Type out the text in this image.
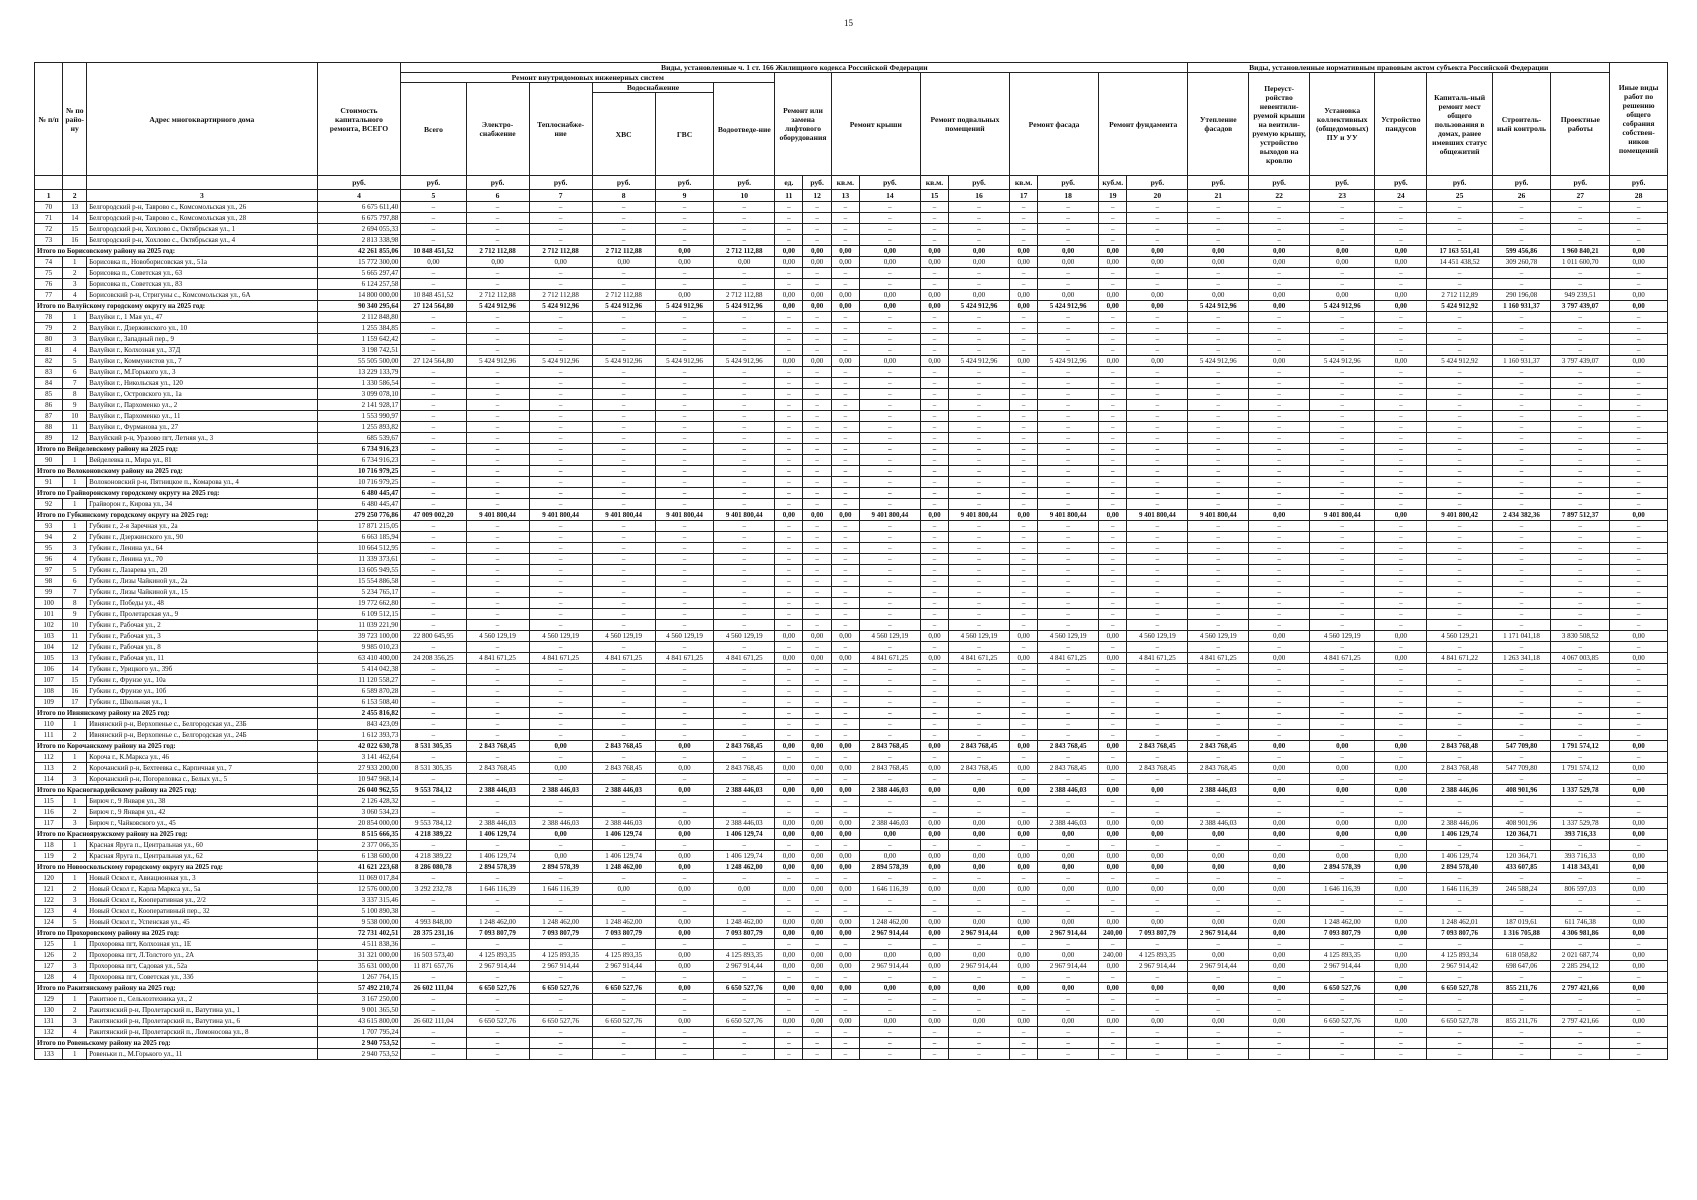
15
№ п/п	№ по райо-ну	Адрес многоквартирного дома	Стоимость капитального ремонта, ВСЕГО	Виды, установленные ч. 1 ст. 166 Жилищного кодекса Российской Федерации																Виды, установленные нормативным правовым актом субъекта Российской Федерации							Иные виды работ по решению общего собрания собствен-ников помещений
				Ремонт внутридомовых инженерных систем						Ремонт или замена лифтового оборудования		Ремонт крыши		Ремонт подвальных помещений		Ремонт фасада		Ремонт фундамента		Утепление фасадов	Переуст-ройство невентили-руемой крыши на вентили-руемую крышу, устройство выходов на кровлю	Установка коллективных (общедомовых) ПУ и УУ	Устройство пандусов	Капиталь-ный ремонт мест общего пользования в домах, ранее имевших статус общежитий	Строитель-ный контроль	Проектные работы	
				Всего	Электро-снабжение	Теплоснабже-ние	Водоснабжение		Водоотведе-ние																		
							ХВС	ГВС																			
			руб.	руб.	руб.	руб.	руб.	руб.	руб.	ед.	руб.	кв.м.	руб.	кв.м.	руб.	кв.м.	руб.	куб.м.	руб.	руб.	руб.	руб.	руб.	руб.	руб.	руб.	руб.
1	2	3	4	5	6	7	8	9	10	11	12	13	14	15	16	17	18	19	20	21	22	23	24	25	26	27	28
70	13	Белгородский р-н, Таврово с., Комсомольская ул., 26	6 675 611,40	–	–	–	–	–	–	–	–	–	–	–	–	–	–	–	–	–	–	–	–	–	–	–	–
71	14	Белгородский р-н, Таврово с., Комсомольская ул., 28	6 675 797,88	–	–	–	–	–	–	–	–	–	–	–	–	–	–	–	–	–	–	–	–	–	–	–	–
72	15	Белгородский р-н, Хохлово с., Октябрьская ул., 1	2 694 055,33	–	–	–	–	–	–	–	–	–	–	–	–	–	–	–	–	–	–	–	–	–	–	–	–
73	16	Белгородский р-н, Хохлово с., Октябрьская ул., 4	2 813 338,98	–	–	–	–	–	–	–	–	–	–	–	–	–	–	–	–	–	–	–	–	–	–	–	–
Итого по Борисовскому району на 2025 год:			42 261 855,06	10 848 451,52	2 712 112,88	2 712 112,88	2 712 112,88	0,00	2 712 112,88	0,00	0,00	0,00	0,00	0,00	0,00	0,00	0,00	0,00	0,00	0,00	0,00	0,00	0,00	17 163 551,41	599 456,86	1 960 840,21	0,00
74	1	Борисовка п., Новоборисовская ул., 51а	15 772 300,00	0,00	0,00	0,00	0,00	0,00	0,00	0,00	0,00	0,00	0,00	0,00	0,00	0,00	0,00	0,00	0,00	0,00	0,00	0,00	0,00	14 451 438,52	309 260,78	1 011 600,70	0,00
75	2	Борисовка п., Советская ул., 63	5 665 297,47	–	–	–	–	–	–	–	–	–	–	–	–	–	–	–	–	–	–	–	–	–	–	–	–
76	3	Борисовка п., Советская ул., 83	6 124 257,58	–	–	–	–	–	–	–	–	–	–	–	–	–	–	–	–	–	–	–	–	–	–	–	–
77	4	Борисовский р-н, Стригуны с., Комсомольская ул., 6А	14 800 000,00	10 848 451,52	2 712 112,88	2 712 112,88	2 712 112,88	0,00	2 712 112,88	0,00	0,00	0,00	0,00	0,00	0,00	0,00	0,00	0,00	0,00	0,00	0,00	0,00	0,00	2 712 112,89	290 196,08	949 239,51	0,00
Итого по Валуйскому городскому округу на 2025 год:			90 340 295,64	27 124 564,80	5 424 912,96	5 424 912,96	5 424 912,96	5 424 912,96	5 424 912,96	0,00	0,00	0,00	0,00	0,00	5 424 912,96	0,00	5 424 912,96	0,00	0,00	5 424 912,96	0,00	5 424 912,96	0,00	5 424 912,92	1 160 931,37	3 797 439,07	0,00
78	1	Валуйки г., 1 Мая ул., 47	2 112 848,80	–	–	–	–	–	–	–	–	–	–	–	–	–	–	–	–	–	–	–	–	–	–	–	–
79	2	Валуйки г., Дзержинского ул., 10	1 255 384,85	–	–	–	–	–	–	–	–	–	–	–	–	–	–	–	–	–	–	–	–	–	–	–	–
80	3	Валуйки г., Западный пер., 9	1 159 642,42	–	–	–	–	–	–	–	–	–	–	–	–	–	–	–	–	–	–	–	–	–	–	–	–
81	4	Валуйки г., Колхозная ул., 37Д	3 198 742,51	–	–	–	–	–	–	–	–	–	–	–	–	–	–	–	–	–	–	–	–	–	–	–	–
82	5	Валуйки г., Коммунистов ул., 7	55 505 500,00	27 124 564,80	5 424 912,96	5 424 912,96	5 424 912,96	5 424 912,96	5 424 912,96	0,00	0,00	0,00	0,00	0,00	5 424 912,96	0,00	5 424 912,96	0,00	0,00	5 424 912,96	0,00	5 424 912,96	0,00	5 424 912,92	1 160 931,37	3 797 439,07	0,00
83	6	Валуйки г., М.Горького ул., 3	13 229 133,79	–	–	–	–	–	–	–	–	–	–	–	–	–	–	–	–	–	–	–	–	–	–	–	–
84	7	Валуйки г., Никольская ул., 120	1 330 586,54	–	–	–	–	–	–	–	–	–	–	–	–	–	–	–	–	–	–	–	–	–	–	–	–
85	8	Валуйки г., Островского ул., 1а	3 099 078,10	–	–	–	–	–	–	–	–	–	–	–	–	–	–	–	–	–	–	–	–	–	–	–	–
86	9	Валуйки г., Пархоменко ул., 2	2 141 928,17	–	–	–	–	–	–	–	–	–	–	–	–	–	–	–	–	–	–	–	–	–	–	–	–
87	10	Валуйки г., Пархоменко ул., 11	1 553 990,97	–	–	–	–	–	–	–	–	–	–	–	–	–	–	–	–	–	–	–	–	–	–	–	–
88	11	Валуйки г., Фурманова ул., 27	1 255 893,82	–	–	–	–	–	–	–	–	–	–	–	–	–	–	–	–	–	–	–	–	–	–	–	–
89	12	Валуйский р-н, Уразово пгт, Летняя ул., 3	685 539,67	–	–	–	–	–	–	–	–	–	–	–	–	–	–	–	–	–	–	–	–	–	–	–	–
Итого по Вейделевскому району на 2025 год:			6 734 916,23	–	–	–	–	–	–	–	–	–	–	–	–	–	–	–	–	–	–	–	–	–	–	–	–
90	1	Вейделевка п., Мира ул., 81	6 734 916,23	–	–	–	–	–	–	–	–	–	–	–	–	–	–	–	–	–	–	–	–	–	–	–	–
Итого по Волоконовскому району на 2025 год:			10 716 979,25	–	–	–	–	–	–	–	–	–	–	–	–	–	–	–	–	–	–	–	–	–	–	–	–
91	1	Волоконовский р-н, Пятницкое п., Комарова ул., 4	10 716 979,25	–	–	–	–	–	–	–	–	–	–	–	–	–	–	–	–	–	–	–	–	–	–	–	–
Итого по Грайворонскому городскому округу на 2025 год:			6 480 445,47	–	–	–	–	–	–	–	–	–	–	–	–	–	–	–	–	–	–	–	–	–	–	–	–
92	1	Грайворон г., Кирова ул., 34	6 480 445,47	–	–	–	–	–	–	–	–	–	–	–	–	–	–	–	–	–	–	–	–	–	–	–	–
Итого по Губкинскому городскому округу на 2025 год:			279 250 776,86	47 009 002,20	9 401 800,44	9 401 800,44	9 401 800,44	9 401 800,44	9 401 800,44	0,00	0,00	0,00	9 401 800,44	0,00	9 401 800,44	0,00	9 401 800,44	0,00	9 401 800,44	9 401 800,44	0,00	9 401 800,44	0,00	9 401 800,42	2 434 382,36	7 897 512,37	0,00
93	1	Губкин г., 2-я Заречная ул., 2а	17 871 215,05	–	–	–	–	–	–	–	–	–	–	–	–	–	–	–	–	–	–	–	–	–	–	–	–
94	2	Губкин г., Дзержинского ул., 90	6 663 185,94	–	–	–	–	–	–	–	–	–	–	–	–	–	–	–	–	–	–	–	–	–	–	–	–
95	3	Губкин г., Ленина ул., 64	10 664 512,95	–	–	–	–	–	–	–	–	–	–	–	–	–	–	–	–	–	–	–	–	–	–	–	–
96	4	Губкин г., Ленина ул., 70	11 339 373,61	–	–	–	–	–	–	–	–	–	–	–	–	–	–	–	–	–	–	–	–	–	–	–	–
97	5	Губкин г., Лазарева ул., 20	13 605 949,55	–	–	–	–	–	–	–	–	–	–	–	–	–	–	–	–	–	–	–	–	–	–	–	–
98	6	Губкин г., Лизы Чайкиной ул., 2а	15 554 886,58	–	–	–	–	–	–	–	–	–	–	–	–	–	–	–	–	–	–	–	–	–	–	–	–
99	7	Губкин г., Лизы Чайкиной ул., 15	5 234 765,17	–	–	–	–	–	–	–	–	–	–	–	–	–	–	–	–	–	–	–	–	–	–	–	–
100	8	Губкин г., Победы ул., 48	19 772 662,80	–	–	–	–	–	–	–	–	–	–	–	–	–	–	–	–	–	–	–	–	–	–	–	–
101	9	Губкин г., Пролетарская ул., 9	6 109 512,15	–	–	–	–	–	–	–	–	–	–	–	–	–	–	–	–	–	–	–	–	–	–	–	–
102	10	Губкин г., Рабочая ул., 2	11 039 221,90	–	–	–	–	–	–	–	–	–	–	–	–	–	–	–	–	–	–	–	–	–	–	–	–
103	11	Губкин г., Рабочая ул., 3	39 723 100,00	22 800 645,95	4 560 129,19	4 560 129,19	4 560 129,19	4 560 129,19	4 560 129,19	0,00	0,00	0,00	4 560 129,19	0,00	4 560 129,19	0,00	4 560 129,19	0,00	4 560 129,19	4 560 129,19	0,00	4 560 129,19	0,00	4 560 129,21	1 171 041,18	3 830 508,52	0,00
104	12	Губкин г., Рабочая ул., 8	9 985 010,23	–	–	–	–	–	–	–	–	–	–	–	–	–	–	–	–	–	–	–	–	–	–	–	–
105	13	Губкин г., Рабочая ул., 11	63 410 400,00	24 208 356,25	4 841 671,25	4 841 671,25	4 841 671,25	4 841 671,25	4 841 671,25	0,00	0,00	0,00	4 841 671,25	0,00	4 841 671,25	0,00	4 841 671,25	0,00	4 841 671,25	4 841 671,25	0,00	4 841 671,25	0,00	4 841 671,22	1 263 341,18	4 067 003,85	0,00
106	14	Губкин г., Урицкого ул., 39б	5 414 042,38	–	–	–	–	–	–	–	–	–	–	–	–	–	–	–	–	–	–	–	–	–	–	–	–
107	15	Губкин г., Фрунзе ул., 10а	11 120 558,27	–	–	–	–	–	–	–	–	–	–	–	–	–	–	–	–	–	–	–	–	–	–	–	–
108	16	Губкин г., Фрунзе ул., 10б	6 589 870,28	–	–	–	–	–	–	–	–	–	–	–	–	–	–	–	–	–	–	–	–	–	–	–	–
109	17	Губкин г., Школьная ул., 1	6 153 508,40	–	–	–	–	–	–	–	–	–	–	–	–	–	–	–	–	–	–	–	–	–	–	–	–
Итого по Ивнянскому району на 2025 год:			2 455 816,82	–	–	–	–	–	–	–	–	–	–	–	–	–	–	–	–	–	–	–	–	–	–	–	–
110	1	Ивнянский р-н, Верхопенье с., Белгородская ул., 23Б	843 423,09	–	–	–	–	–	–	–	–	–	–	–	–	–	–	–	–	–	–	–	–	–	–	–	–
111	2	Ивнянский р-н, Верхопенье с., Белгородская ул., 24Б	1 612 393,73	–	–	–	–	–	–	–	–	–	–	–	–	–	–	–	–	–	–	–	–	–	–	–	–
Итого по Корочанскому району на 2025 год:			42 022 630,78	8 531 305,35	2 843 768,45	0,00	2 843 768,45	0,00	2 843 768,45	0,00	0,00	0,00	2 843 768,45	0,00	2 843 768,45	0,00	2 843 768,45	0,00	2 843 768,45	2 843 768,45	0,00	0,00	0,00	2 843 768,48	547 709,80	1 791 574,12	0,00
112	1	Короча г., К.Маркса ул., 46	3 141 462,64	–	–	–	–	–	–	–	–	–	–	–	–	–	–	–	–	–	–	–	–	–	–	–	–
113	2	Корочанский р-н, Бехтеевка с., Карпичная ул., 7	27 933 200,00	8 531 305,35	2 843 768,45	0,00	2 843 768,45	0,00	2 843 768,45	0,00	0,00	0,00	2 843 768,45	0,00	2 843 768,45	0,00	2 843 768,45	0,00	2 843 768,45	2 843 768,45	0,00	0,00	0,00	2 843 768,48	547 709,80	1 791 574,12	0,00
114	3	Корочанский р-н, Погореловка с., Белых ул., 5	10 947 968,14	–	–	–	–	–	–	–	–	–	–	–	–	–	–	–	–	–	–	–	–	–	–	–	–
Итого по Красногвардейскому району на 2025 год:			26 040 962,55	9 553 784,12	2 388 446,03	2 388 446,03	2 388 446,03	0,00	2 388 446,03	0,00	0,00	0,00	2 388 446,03	0,00	0,00	0,00	2 388 446,03	0,00	0,00	2 388 446,03	0,00	0,00	0,00	2 388 446,06	408 901,96	1 337 529,78	0,00
115	1	Бирюч г., 9 Января ул., 38	2 126 428,32	–	–	–	–	–	–	–	–	–	–	–	–	–	–	–	–	–	–	–	–	–	–	–	–
116	2	Бирюч г., 9 Января ул., 42	3 060 534,23	–	–	–	–	–	–	–	–	–	–	–	–	–	–	–	–	–	–	–	–	–	–	–	–
117	3	Бирюч г., Чайковского ул., 45	20 854 000,00	9 553 784,12	2 388 446,03	2 388 446,03	2 388 446,03	0,00	2 388 446,03	0,00	0,00	0,00	2 388 446,03	0,00	0,00	0,00	2 388 446,03	0,00	0,00	2 388 446,03	0,00	0,00	0,00	2 388 446,06	408 901,96	1 337 529,78	0,00
Итого по Краснояружскому району на 2025 год:			8 515 666,35	4 218 389,22	1 406 129,74	0,00	1 406 129,74	0,00	1 406 129,74	0,00	0,00	0,00	0,00	0,00	0,00	0,00	0,00	0,00	0,00	0,00	0,00	0,00	0,00	1 406 129,74	120 364,71	393 716,33	0,00
118	1	Красная Яруга п., Центральная ул., 60	2 377 066,35	–	–	–	–	–	–	–	–	–	–	–	–	–	–	–	–	–	–	–	–	–	–	–	–
119	2	Красная Яруга п., Центральная ул., 62	6 138 600,00	4 218 389,22	1 406 129,74	0,00	1 406 129,74	0,00	1 406 129,74	0,00	0,00	0,00	0,00	0,00	0,00	0,00	0,00	0,00	0,00	0,00	0,00	0,00	0,00	1 406 129,74	120 364,71	393 716,33	0,00
Итого по Новооскольскому городскому округу на 2025 год:			41 621 223,68	8 286 080,78	2 894 578,39	2 894 578,39	1 248 462,00	0,00	1 248 462,00	0,00	0,00	0,00	2 894 578,39	0,00	0,00	0,00	0,00	0,00	0,00	0,00	0,00	2 894 578,39	0,00	2 894 578,40	433 607,85	1 418 343,41	0,00
120	1	Новый Оскол г., Авиационная ул., 3	11 069 017,84	–	–	–	–	–	–	–	–	–	–	–	–	–	–	–	–	–	–	–	–	–	–	–	–
121	2	Новый Оскол г., Карла Маркса ул., 5а	12 576 000,00	3 292 232,78	1 646 116,39	1 646 116,39	0,00	0,00	0,00	0,00	0,00	0,00	1 646 116,39	0,00	0,00	0,00	0,00	0,00	0,00	0,00	0,00	1 646 116,39	0,00	1 646 116,39	246 588,24	806 597,03	0,00
122	3	Новый Оскол г., Кооперативная ул., 2/2	3 337 315,46	–	–	–	–	–	–	–	–	–	–	–	–	–	–	–	–	–	–	–	–	–	–	–	–
123	4	Новый Оскол г., Кооперативный пер., 32	5 100 890,38	–	–	–	–	–	–	–	–	–	–	–	–	–	–	–	–	–	–	–	–	–	–	–	–
124	5	Новый Оскол г., Успенская ул., 45	9 538 000,00	4 993 848,00	1 248 462,00	1 248 462,00	1 248 462,00	0,00	1 248 462,00	0,00	0,00	0,00	1 248 462,00	0,00	0,00	0,00	0,00	0,00	0,00	0,00	0,00	1 248 462,00	0,00	1 248 462,01	187 019,61	611 746,38	0,00
Итого по Прохоровскому району на 2025 год:			72 731 402,51	28 375 231,16	7 093 807,79	7 093 807,79	7 093 807,79	0,00	7 093 807,79	0,00	0,00	0,00	2 967 914,44	0,00	2 967 914,44	0,00	2 967 914,44	240,00	7 093 807,79	2 967 914,44	0,00	7 093 807,79	0,00	7 093 807,76	1 316 705,88	4 306 981,86	0,00
125	1	Прохоровка пгт, Колхозная ул., 1Е	4 511 838,36	–	–	–	–	–	–	–	–	–	–	–	–	–	–	–	–	–	–	–	–	–	–	–	–
126	2	Прохоровка пгт, Л.Толстого ул., 2А	31 321 000,00	16 503 573,40	4 125 893,35	4 125 893,35	4 125 893,35	0,00	4 125 893,35	0,00	0,00	0,00	0,00	0,00	0,00	0,00	0,00	240,00	4 125 893,35	0,00	0,00	4 125 893,35	0,00	4 125 893,34	618 058,82	2 021 687,74	0,00
127	3	Прохоровка пгт, Садовая ул., 52а	35 631 000,00	11 871 657,76	2 967 914,44	2 967 914,44	2 967 914,44	0,00	2 967 914,44	0,00	0,00	0,00	2 967 914,44	0,00	2 967 914,44	0,00	2 967 914,44	0,00	2 967 914,44	2 967 914,44	0,00	2 967 914,44	0,00	2 967 914,42	698 647,06	2 285 294,12	0,00
128	4	Прохоровка пгт, Советская ул., 33б	1 267 764,15	–	–	–	–	–	–	–	–	–	–	–	–	–	–	–	–	–	–	–	–	–	–	–	–
Итого по Ракитянскому району на 2025 год:			57 492 210,74	26 602 111,04	6 650 527,76	6 650 527,76	6 650 527,76	0,00	6 650 527,76	0,00	0,00	0,00	0,00	0,00	0,00	0,00	0,00	0,00	0,00	0,00	0,00	6 650 527,76	0,00	6 650 527,78	855 211,76	2 797 421,66	0,00
129	1	Ракитное п., Сельхозтехника ул., 2	3 167 250,00	–	–	–	–	–	–	–	–	–	–	–	–	–	–	–	–	–	–	–	–	–	–	–	–
130	2	Ракитянский р-н, Пролетарский п., Ватутина ул., 1	9 001 365,50	–	–	–	–	–	–	–	–	–	–	–	–	–	–	–	–	–	–	–	–	–	–	–	–
131	3	Ракитянский р-н, Пролетарский п., Ватутина ул., 6	43 615 800,00	26 602 111,04	6 650 527,76	6 650 527,76	6 650 527,76	0,00	6 650 527,76	0,00	0,00	0,00	0,00	0,00	0,00	0,00	0,00	0,00	0,00	0,00	0,00	6 650 527,76	0,00	6 650 527,78	855 211,76	2 797 421,66	0,00
132	4	Ракитянский р-н, Пролетарский п., Ломоносова ул., 8	1 707 795,24	–	–	–	–	–	–	–	–	–	–	–	–	–	–	–	–	–	–	–	–	–	–	–	–
Итого по Ровеньскому району на 2025 год:			2 940 753,52	–	–	–	–	–	–	–	–	–	–	–	–	–	–	–	–	–	–	–	–	–	–	–	–
133	1	Ровеньки п., М.Горького ул., 11	2 940 753,52	–	–	–	–	–	–	–	–	–	–	–	–	–	–	–	–	–	–	–	–	–	–	–	–
